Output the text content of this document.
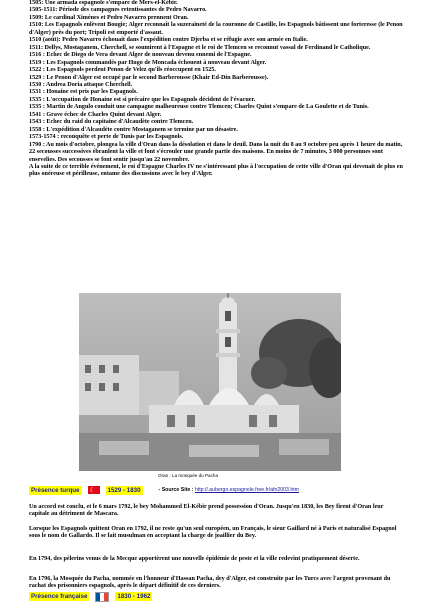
1505: Une armada espagnole s'empare de Mers-el-Kébir.

1505-1511: Période des campagnes retentissantes de Pedro Navarro.

1509: Le cardinal Ximénes et Pedro Navarro prennent Oran.

1510: Les Espagnols enlèvent Bougie; Alger reconnaît la suzeraineté de la couronne de Castille, les Espagnols bâtissent une forteresse (le Penon d'Alger) près du port; Tripoli est emporté d'assaut.

1510 (août): Pedro Navarro échouait dans l'expédition contre Djerba et se réfugie avec son armée en Italie.

1511: Dellys, Mostaganem, Cherchell, se soumirent à l'Espagne et le roi de Tlemcen se reconnut vassal de Ferdinand le Catholique.

1516 : Echec de Diego de Vera devant Alger de nouveau devenu ennemi de l'Espagne.

1519 : Les Espagnols commandés par Hugo de Moncada échouent à nouveau devant Alger.

1522 : Les Espagnols perdent Penon de Velez qu'ils réoccupent en 1525.

1529 : Le Penon d'Alger est occupé par le second Barberousse (Khair Ed-Din Barberousse).

1530 : Andrea Doria attaque Cherchell.

1531 : Honaine est pris par les Espagnols.

1535 : L'occupation de Honaine est si précaire que les Espagnols décident de l'évacuer.

1535 : Martin de Angulo conduit une campagne malheureuse contre Tlemcen; Charles Quint s'empare de La Goulette et de Tunis.

1541 : Grave échec de Charles Quint devant Alger.

1543 : Echec du raid du capitaine d'Alcaudète contre Tlemcen.

1558 : L'expédition d'Alcaudète contre Mostaganem se termine par un désastre.

1573-1574 : reconquête et perte de Tunis par les Espagnols.

1790 : Au mois d'octobre, plongea la ville d'Oran dans la désolation et dans le deuil. Dans la nuit du 8 au 9 octobre peu après 1 heure du matin, 22 secousses successives ébranlent la ville et font s'écrouler une grande partie des maisons. En moins de 7 minutes, 3 000 personnes sont ensevelies. Des secousses se font sentir jusqu'au 22 novembre.

A la suite de ce terrible événement, le roi d'Espagne Charles IV ne s'intéressant plus à l'occupation de cette ville d'Oran qui devenait de plus en plus onéreuse et périlleuse, entame des discussions avec le bey d'Alger.

Oran : La mosquée du Pacha
Présence turque	☾	1529 - 1830	- Source Site : http://.aubergo.espagnole.free.fr/afn2003.htm
Un accord est conclu, et le 6 mars 1792, le bey Mohammed El-Kébir prend possession d'Oran. Jusqu'en 1830, les Bey firent d'Oran leur capitale au détriment de Mascara.
Lorsque les Espagnols quittent Oran en 1792, il ne reste qu'un seul européen, un Français, le sieur Gaillard né à Paris et naturalisé Espagnol sous le nom de Gallardo. Il se fait musulman en acceptant la charge de joaillier du Bey.
En 1794, des pèlerins venus de la Mecque apportèrent une nouvelle épidémie de peste et la ville redevint pratiquement déserte.
En 1796, la Mosquée du Pacha, nommée en l'honneur d'Hassan Pacha, dey d'Alger, est construite par les Turcs avec l'argent provenant du rachat des prisonniers espagnols, après le départ définitif de ces derniers.
Présence française	1830 - 1962
